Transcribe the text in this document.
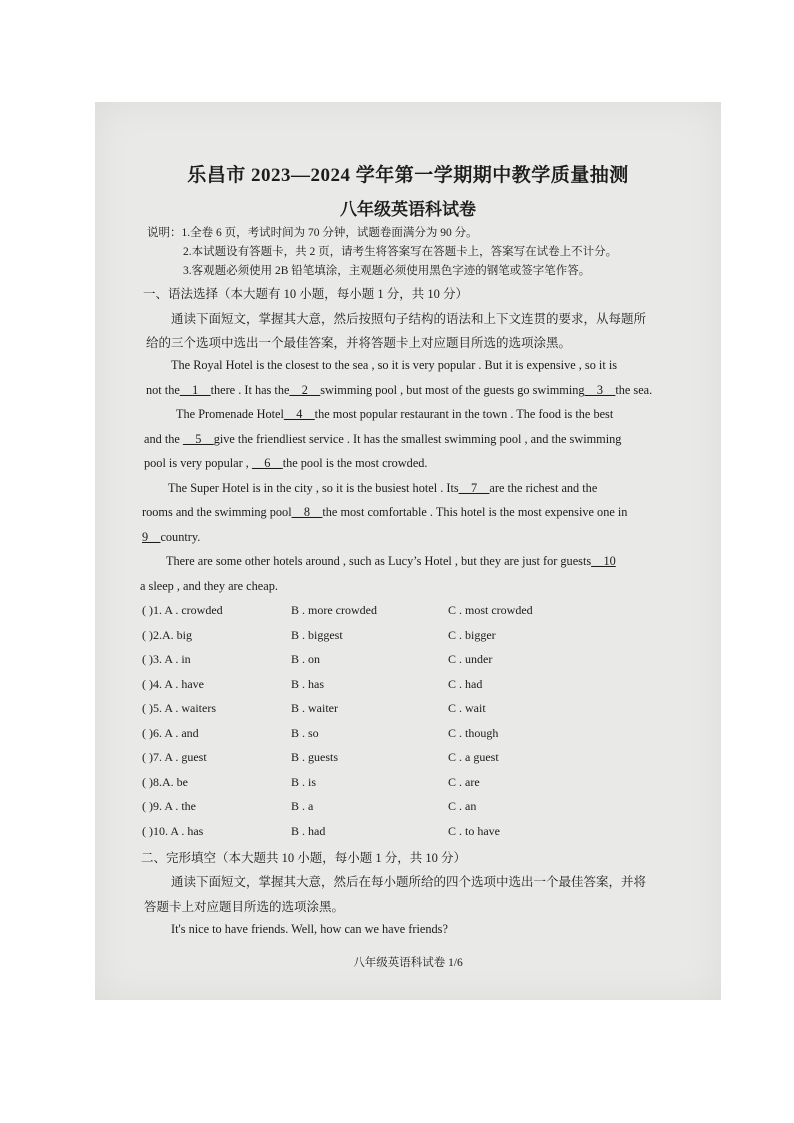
乐昌市 2023—2024 学年第一学期期中教学质量抽测
八年级英语科试卷
说明：1.全卷 6 页，考试时间为 70 分钟，试题卷面满分为 90 分。
2.本试题设有答题卡，共 2 页，请考生将答案写在答题卡上，答案写在试卷上不计分。
3.客观题必须使用 2B 铅笔填涂，主观题必须使用黑色字迹的钢笔或签字笔作答。
一、语法选择（本大题有 10 小题，每小题 1 分，共 10 分）
通读下面短文，掌握其大意，然后按照句子结构的语法和上下文连贯的要求，从每题所
给的三个选项中选出一个最佳答案，并将答题卡上对应题目所选的选项涂黑。
The Royal Hotel is the closest to the sea , so it is very popular . But it is expensive , so it is
not the__1__there . It has the__2__swimming pool , but most of the guests go swimming__3__the sea.
The Promenade Hotel__4__the most popular restaurant in the town . The food is the best
and the __5__give the friendliest service . It has the smallest swimming pool , and the swimming
pool is very popular , __6__the pool is the most crowded.
The Super Hotel is in the city , so it is the busiest hotel . Its__7__are the richest and the
rooms and the swimming pool__8__the most comfortable . This hotel is the most expensive one in
9__country.
There are some other hotels around , such as Lucy’s Hotel , but they are just for guests__10
a sleep , and they are cheap.
( )1. A . crowded	B . more crowded	C . most crowded
( )2.A. big	B . biggest	C . bigger
( )3. A . in	B . on	C . under
( )4. A . have	B . has	C . had
( )5. A . waiters	B . waiter	C . wait
( )6. A . and	B . so	C . though
( )7. A . guest	B . guests	C . a guest
( )8.A. be	B . is	C . are
( )9. A . the	B . a	C . an
( )10. A . has	B . had	C . to have
二、完形填空（本大题共 10 小题，每小题 1 分，共 10 分）
通读下面短文，掌握其大意，然后在每小题所给的四个选项中选出一个最佳答案，并将
答题卡上对应题目所选的选项涂黑。
It's nice to have friends. Well, how can we have friends?
八年级英语科试卷 1/6
